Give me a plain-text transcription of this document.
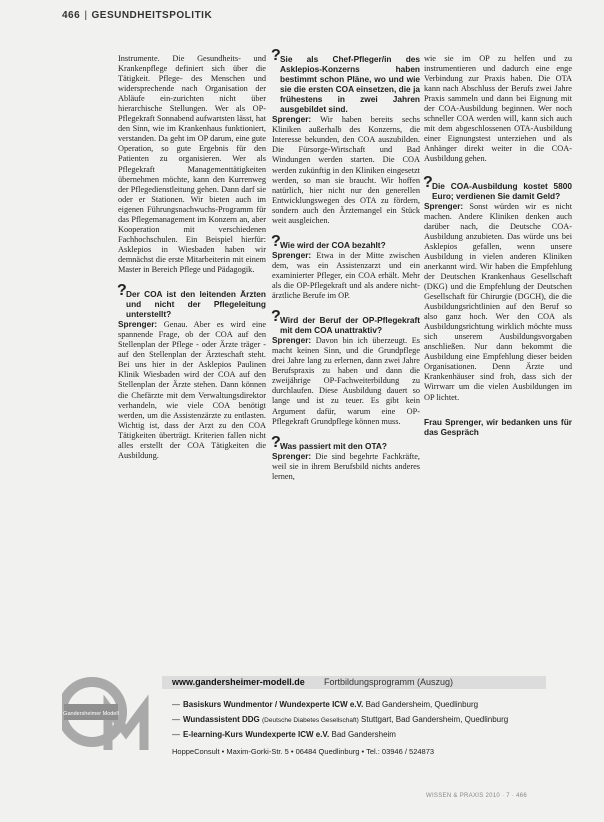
466 | GESUNDHEITSPOLITIK

Instrumente. Die Gesundheits- und Krankenpflege definiert sich über die Tätigkeit. Pflege- des Menschen und widersprechende nach Organisation der Abläufe ein-zurichten nicht über hierarchische Stellungen. Wer als OP-Pflegekraft Sonnabend aufwartsten lässt, hat den Sinn, wie im Krankenhaus funktioniert, verstanden. Da geht im OP darum, eine gute Operation, so gute Ergebnis für den Patienten zu organisieren. Wer als Pflegekraft Managementtätigkeiten übernehmen möchte, kann den Kurrenweg der Pflegedienstleitung gehen. Dann darf sie oder er Stationen. Wir bieten auch im eigenen Führungsnachwuchs-Programm für das Pflegemanagement im Konzern an, aber Kooperation mit verschiedenen Fachhochschulen. Ein Beispiel hierfür: Asklepios in Wiesbaden haben wir demnächst die erste Mitarbeiterin mit einem Master in Bereich Pflege und Pädagogik.

? Der COA ist den leitenden Ärzten und nicht der Pflegeleitung unterstellt?

Sprenger: Genau. Aber es wird eine spannende Frage, ob der COA auf den Stellenplan der Pflege - oder Ärzte träger - auf den Stellenplan der Ärzteschaft steht. Bei uns hier in der Asklepios Paulinen Klinik Wiesbaden wird der COA auf den Stellenplan der Ärzte stehen. Dann können die Chefärzte mit dem Verwaltungsdirektor verhandeln, wie viele COA benötigt werden, um die Assistenzärzte zu entlasten. Wichtig ist, dass der Arzt zu den COA Tätigkeiten überträgt. Kriterien fallen nicht alles erstellt der COA Tätigkeiten die Ausbildung.

? Sie als Chef-Pfleger/in des Asklepios-Konzerns haben bestimmt schon Pläne, wo und wie sie die ersten COA einsetzen, die ja frühestens in zwei Jahren ausgebildet sind.

Sprenger: Wir haben bereits sechs Kliniken außerhalb des Konzerns, die Interesse bekunden, den COA auszubilden. Die Fürsorge-Wirtschaft und Bad Windungen werden starten. Die COA werden zukünftig in den Kliniken eingesetzt werden, so man sie braucht. Wir hoffen natürlich, hier nicht nur den generellen Entwicklungswegen des OTA zu fördern, sondern auch den Ärztemangel ein Stück weit ausgleichen.

? Wie wird der COA bezahlt?

Sprenger: Etwa in der Mitte zwischen dem, was ein Assistenzarzt und ein examinierter Pfleger, ein COA erhält. Mehr als die OP-Pflegekraft und als andere nicht-ärztliche Berufe im OP.

? Wird der Beruf der OP-Pflegekraft mit dem COA unattraktiv?

Sprenger: Davon bin ich überzeugt. Es macht keinen Sinn, und die Grundpflege drei Jahre lang zu erlernen, dann zwei Jahre Berufspraxis zu haben und dann die zweijährige OP-Fachweiterbildung zu durchlaufen. Diese Ausbildung dauert so lange und ist zu teuer. Es gibt kein Argument dafür, warum eine OP-Pflegekraft Grundpflege können muss.

? Was passiert mit den OTA?

Sprenger: Die sind begehrte Fachkräfte, weil sie in ihrem Berufsbild nichts anderes lernen,

wie sie im OP zu helfen und zu instrumentieren und dadurch eine enge Verbindung zur Praxis haben. Die OTA kann nach Abschluss der Berufs zwei Jahre Praxis sammeln und dann bei Eignung mit der COA-Ausbildung beginnen. Wer noch schneller COA werden will, kann sich auch mit dem abgeschlossenen OTA-Ausbildung einer Eignungstest unterziehen und als Anhänger direkt weiter in die COA-Ausbildung gehen.

? Die COA-Ausbildung kostet 5800 Euro; verdienen Sie damit Geld?

Sprenger: Sonst würden wir es nicht machen. Andere Kliniken denken auch darüber nach, die Deutsche COA-Ausbildung anzubieten. Das würde uns bei Asklepios gefallen, wenn unsere Ausbildung in vielen anderen Kliniken anerkannt wird. Wir haben die Empfehlung der Deutschen Krankenhaus Gesellschaft (DKG) und die Empfehlung der Deutschen Gesellschaft für Chirurgie (DGCH), die die Ausbildungsrichtlinien auf den Beruf so also ganz hoch. Wer den COA als Ausbildungsrichtung wirklich möchte muss sich unserem Ausbildungsvorgaben anschließen. Nur dann bekommt die Ausbildung eine Empfehlung dieser beiden Organisationen. Denn Ärzte und Krankenhäuser sind froh, dass sich der Wirrwarr um die vielen Ausbildungen im OP lichtet.

Frau Sprenger, wir bedanken uns für das Gespräch
Gandersheimer Modell
www.gandersheimer-modell.de Fortbildungsprogramm (Auszug)
— Basiskurs Wundmentor / Wundexperte ICW e.V. Bad Gandersheim, Quedlinburg
— Wundassistent DDG (Deutsche Diabetes Gesellschaft) Stuttgart, Bad Gandersheim, Quedlinburg
— E-learning-Kurs Wundexperte ICW e.V. Bad Gandersheim
HoppeConsult • Maxim-Gorki-Str. 5 • 06484 Quedlinburg • Tel.: 03946 / 524873
WISSEN & PRAXIS 2010 · 7 · 466
